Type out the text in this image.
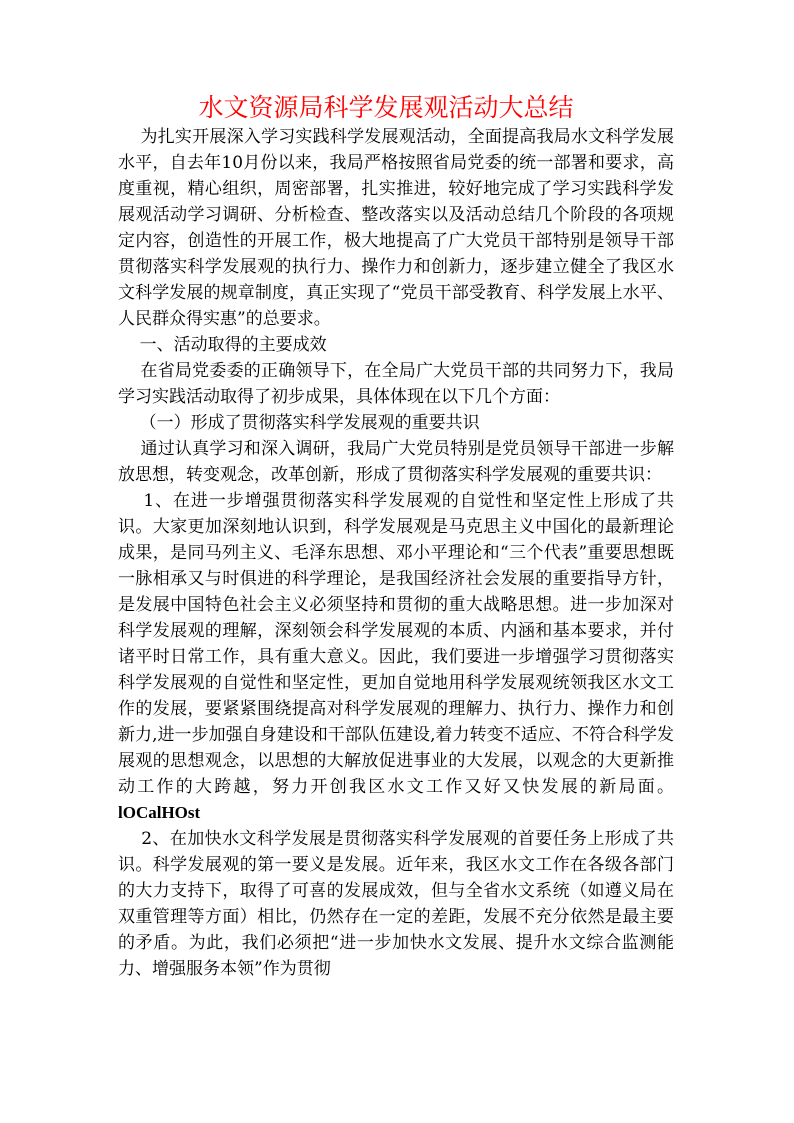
水文资源局科学发展观活动大总结

为扎实开展深入学习实践科学发展观活动，全面提高我局水文科学发展水平，自去年10月份以来，我局严格按照省局党委的统一部署和要求，高度重视，精心组织，周密部署，扎实推进，较好地完成了学习实践科学发展观活动学习调研、分析检查、整改落实以及活动总结几个阶段的各项规定内容，创造性的开展工作，极大地提高了广大党员干部特别是领导干部贯彻落实科学发展观的执行力、操作力和创新力，逐步建立健全了我区水文科学发展的规章制度，真正实现了“党员干部受教育、科学发展上水平、人民群众得实惠”的总要求。

一、活动取得的主要成效

在省局党委委的正确领导下，在全局广大党员干部的共同努力下，我局学习实践活动取得了初步成果，具体体现在以下几个方面：

（一）形成了贯彻落实科学发展观的重要共识

通过认真学习和深入调研，我局广大党员特别是党员领导干部进一步解放思想，转变观念，改革创新，形成了贯彻落实科学发展观的重要共识：

1、在进一步增强贯彻落实科学发展观的自觉性和坚定性上形成了共识。大家更加深刻地认识到，科学发展观是马克思主义中国化的最新理论成果，是同马列主义、毛泽东思想、邓小平理论和“三个代表”重要思想既一脉相承又与时俱进的科学理论，是我国经济社会发展的重要指导方针，是发展中国特色社会主义必须坚持和贯彻的重大战略思想。进一步加深对科学发展观的理解，深刻领会科学发展观的本质、内涵和基本要求，并付诸平时日常工作，具有重大意义。因此，我们要进一步增强学习贯彻落实科学发展观的自觉性和坚定性，更加自觉地用科学发展观统领我区水文工作的发展，要紧紧围绕提高对科学发展观的理解力、执行力、操作力和创新力,进一步加强自身建设和干部队伍建设,着力转变不适应、不符合科学发展观的思想观念，以思想的大解放促进事业的大发展，以观念的大更新推动工作的大跨越，努力开创我区水文工作又好又快发展的新局面。lOCalHOst

2、在加快水文科学发展是贯彻落实科学发展观的首要任务上形成了共识。科学发展观的第一要义是发展。近年来，我区水文工作在各级各部门的大力支持下，取得了可喜的发展成效，但与全省水文系统（如遵义局在双重管理等方面）相比，仍然存在一定的差距，发展不充分依然是最主要的矛盾。为此，我们必须把“进一步加快水文发展、提升水文综合监测能力、增强服务本领”作为贯彻
